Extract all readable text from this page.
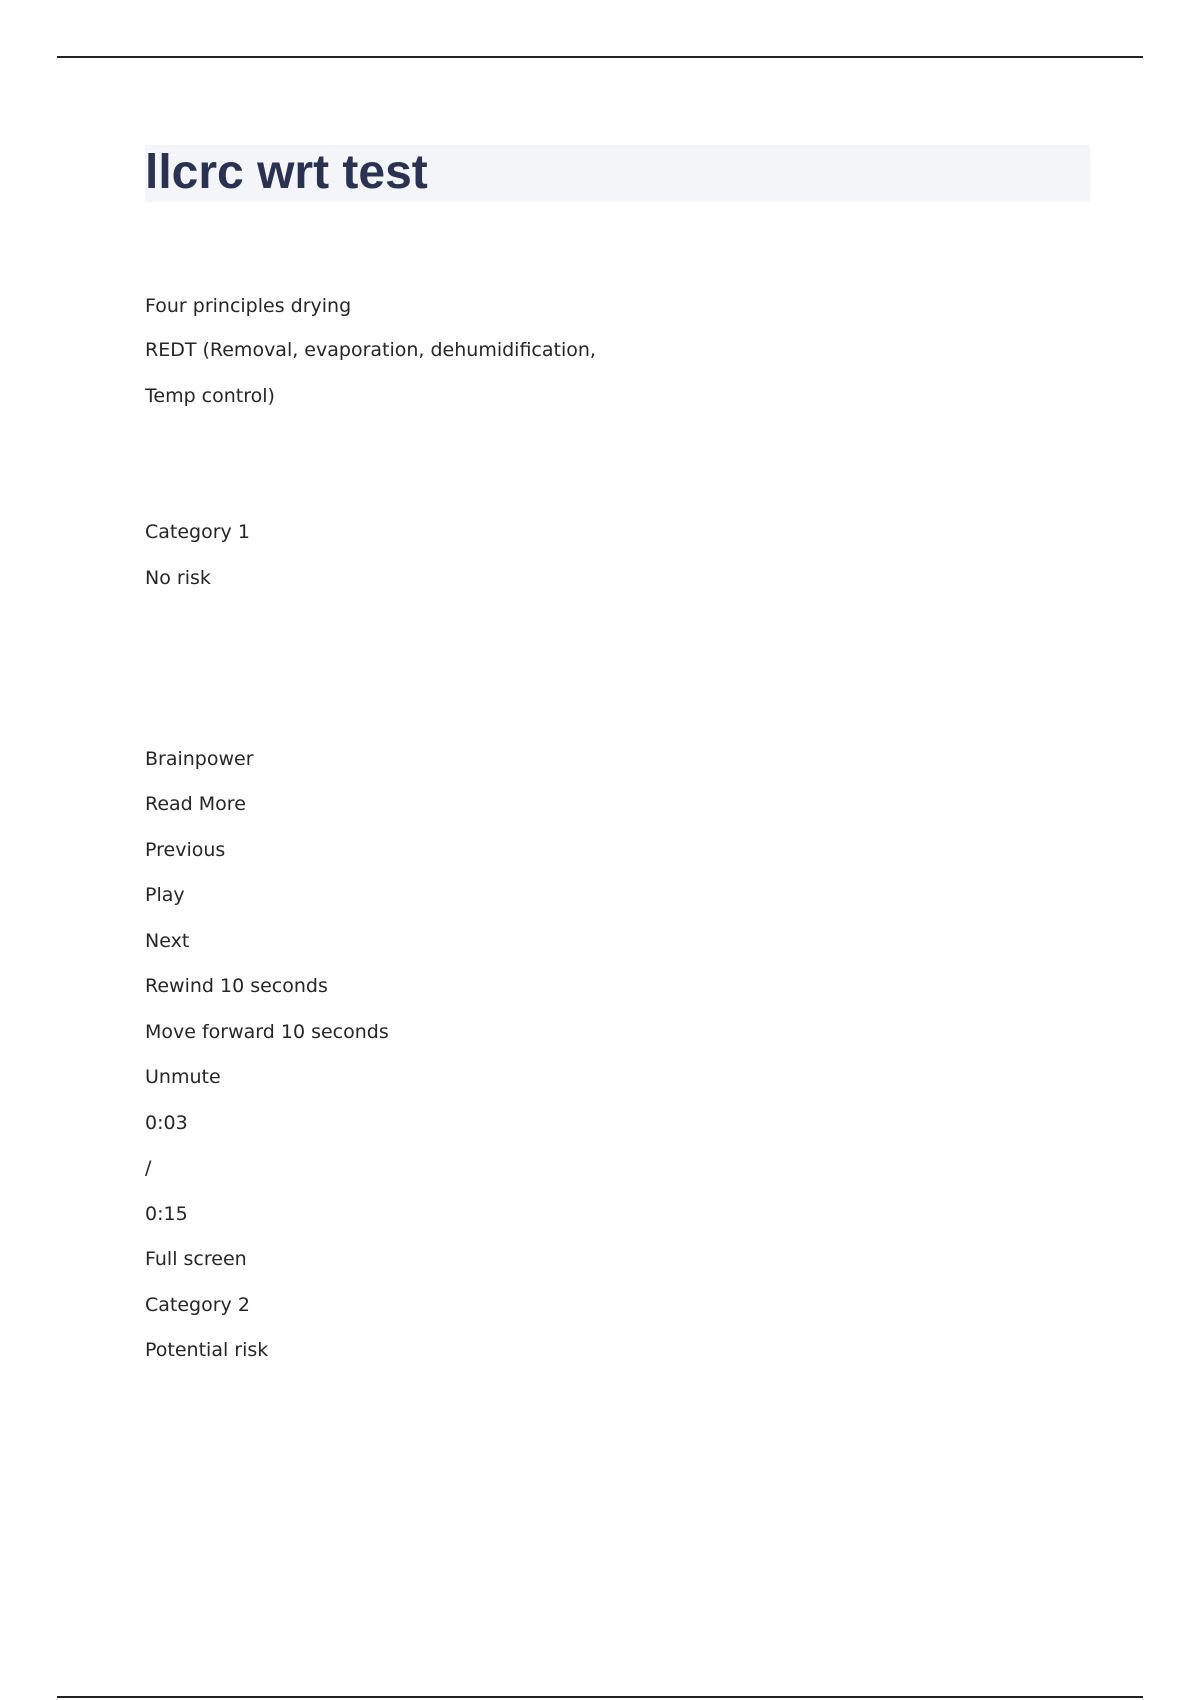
llcrc wrt test

Four principles drying

REDT (Removal, evaporation, dehumidification,

Temp control)

Category 1

No risk

Brainpower

Read More

Previous

Play

Next

Rewind 10 seconds

Move forward 10 seconds

Unmute

0:03

/

0:15

Full screen

Category 2

Potential risk
